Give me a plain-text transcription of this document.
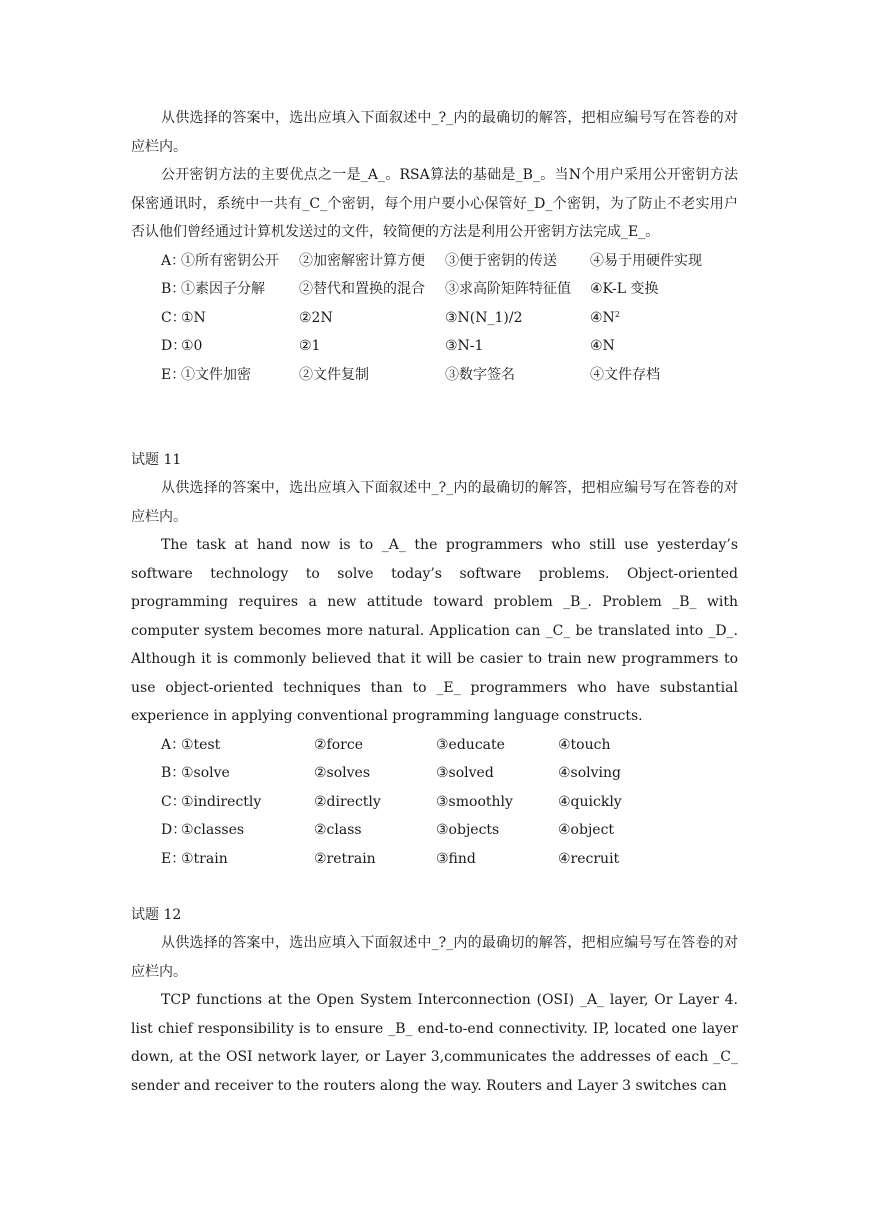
从供选择的答案中，选出应填入下面叙述中_?_内的最确切的解答，把相应编号写在答卷的对应栏内。

公开密钥方法的主要优点之一是_A_。RSA算法的基础是_B_。当N个用户采用公开密钥方法保密通讯时，系统中一共有_C_个密钥，每个用户要小心保管好_D_个密钥，为了防止不老实用户否认他们曾经通过计算机发送过的文件，较简便的方法是利用公开密钥方法完成_E_。

A：
①所有密钥公开	②加密解密计算方便	③便于密钥的传送	④易于用硬件实现
B：
①素因子分解	②替代和置换的混合	③求高阶矩阵特征值	④K-L 变换
C：
①N	②2N	③N(N_1)/2	$④N^2$
D：
①0	②1	③N-1	④N
E：
①文件加密	②文件复制	③数字签名	④文件存档

试题 11

从供选择的答案中，选出应填入下面叙述中_?_内的最确切的解答，把相应编号写在答卷的对应栏内。

The task at hand now is to _A_ the programmers who still use yesterday’s software technology to solve today’s software problems. Object-oriented programming requires a new attitude toward problem _B_. Problem _B_ with computer system becomes more natural. Application can _C_ be translated into _D_. Although it is commonly believed that it will be casier to train new programmers to use object-oriented techniques than to _E_ programmers who have substantial experience in applying conventional programming language constructs.

A：
①test	②force	③educate	④touch
B：
①solve	②solves	③solved	④solving
C：
①indirectly	②directly	③smoothly	④quickly
D：
①classes	②class	③objects	④object
E：
①train	②retrain	③find	④recruit

试题 12

从供选择的答案中，选出应填入下面叙述中_?_内的最确切的解答，把相应编号写在答卷的对应栏内。

TCP functions at the Open System Interconnection (OSI) _A_ layer, Or Layer 4. list chief responsibility is to ensure _B_ end-to-end connectivity. IP, located one layer down, at the OSI network layer, or Layer 3,communicates the addresses of each _C_ sender and receiver to the routers along the way. Routers and Layer 3 switches can
